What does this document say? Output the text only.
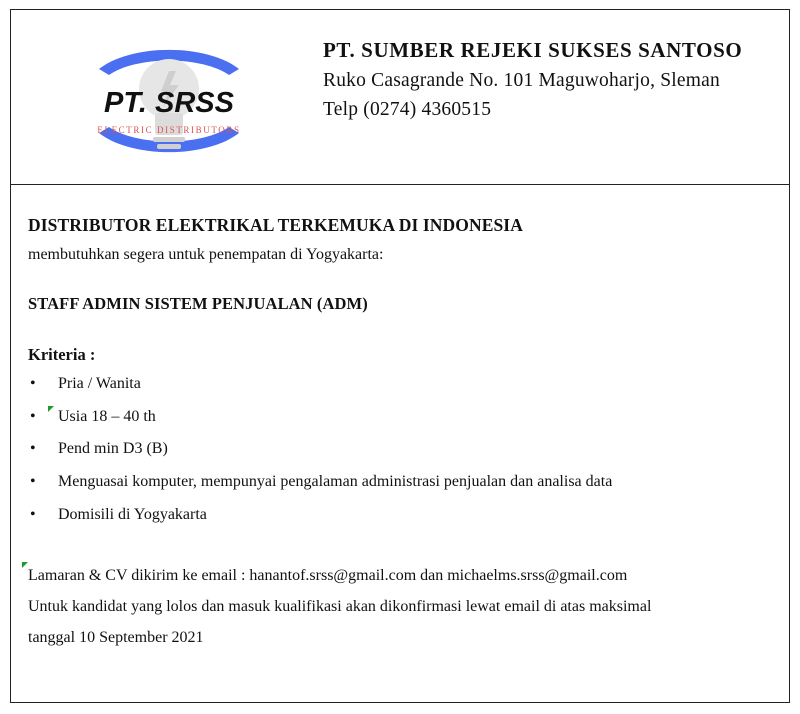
PT. SRSS
ELECTRIC DISTRIBUTORS

PT. SUMBER REJEKI SUKSES SANTOSO

Ruko Casagrande No. 101 Maguwoharjo, Sleman

Telp (0274) 4360515

DISTRIBUTOR ELEKTRIKAL TERKEMUKA DI INDONESIA

membutuhkan segera untuk penempatan di Yogyakarta:

STAFF ADMIN SISTEM PENJUALAN (ADM)

Kriteria :

• Pria / Wanita
• Usia 18 – 40 th
• Pend min D3 (B)
• Menguasai komputer, mempunyai pengalaman administrasi penjualan dan analisa data
• Domisili di Yogyakarta

Lamaran & CV dikirim ke email : hanantof.srss@gmail.com dan michaelms.srss@gmail.com

Untuk kandidat yang lolos dan masuk kualifikasi akan dikonfirmasi lewat email di atas maksimal

tanggal 10 September 2021
